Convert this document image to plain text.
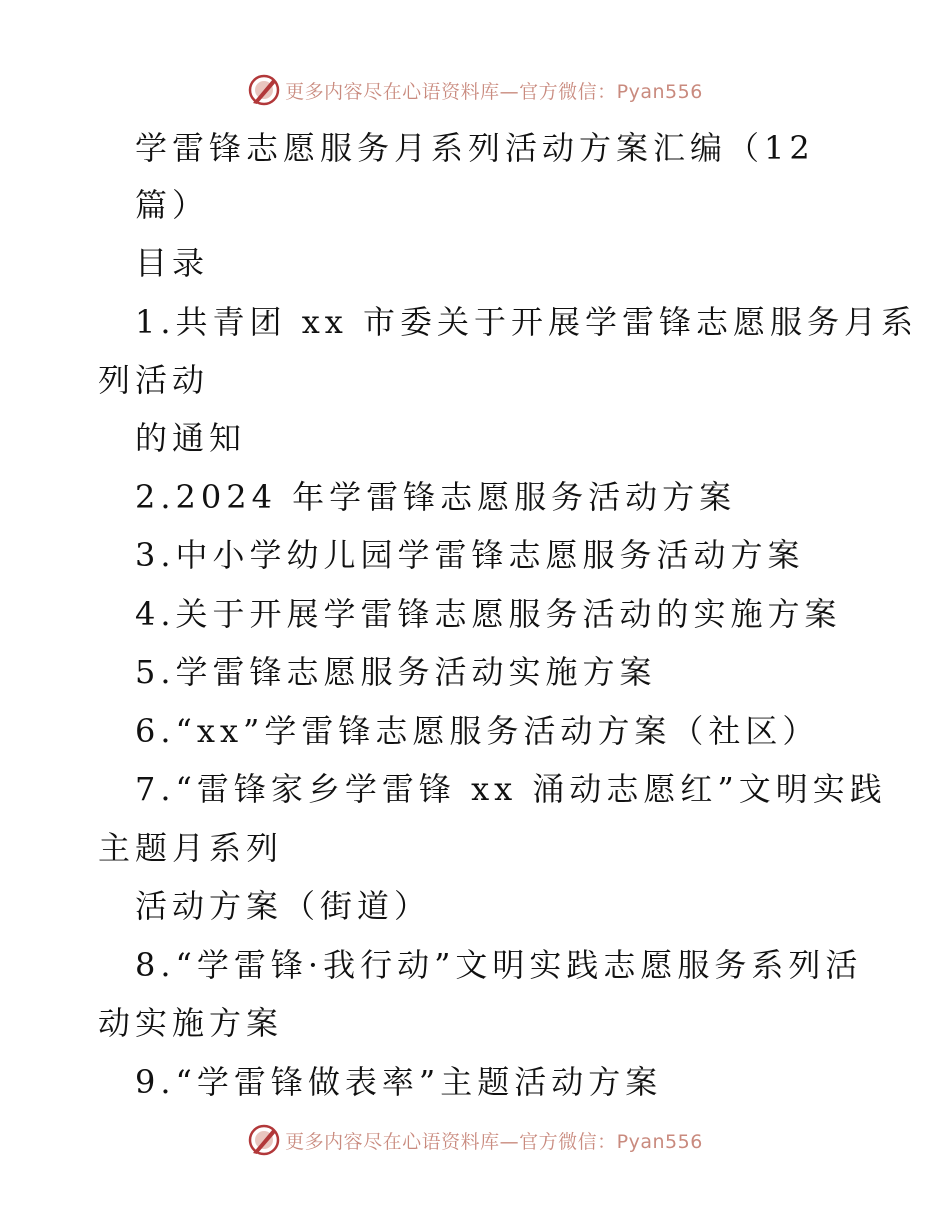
更多内容尽在心语资料库—官方微信：Pyan556
学雷锋志愿服务月系列活动方案汇编（12
篇）
目录
1.共青团 xx 市委关于开展学雷锋志愿服务月系
列活动
的通知
2.2024 年学雷锋志愿服务活动方案
3.中小学幼儿园学雷锋志愿服务活动方案
4.关于开展学雷锋志愿服务活动的实施方案
5.学雷锋志愿服务活动实施方案
6.“xx”学雷锋志愿服务活动方案（社区）
7.“雷锋家乡学雷锋 xx 涌动志愿红”文明实践
主题月系列
活动方案（街道）
8.“学雷锋·我行动”文明实践志愿服务系列活
动实施方案
9.“学雷锋做表率”主题活动方案
更多内容尽在心语资料库—官方微信：Pyan556
